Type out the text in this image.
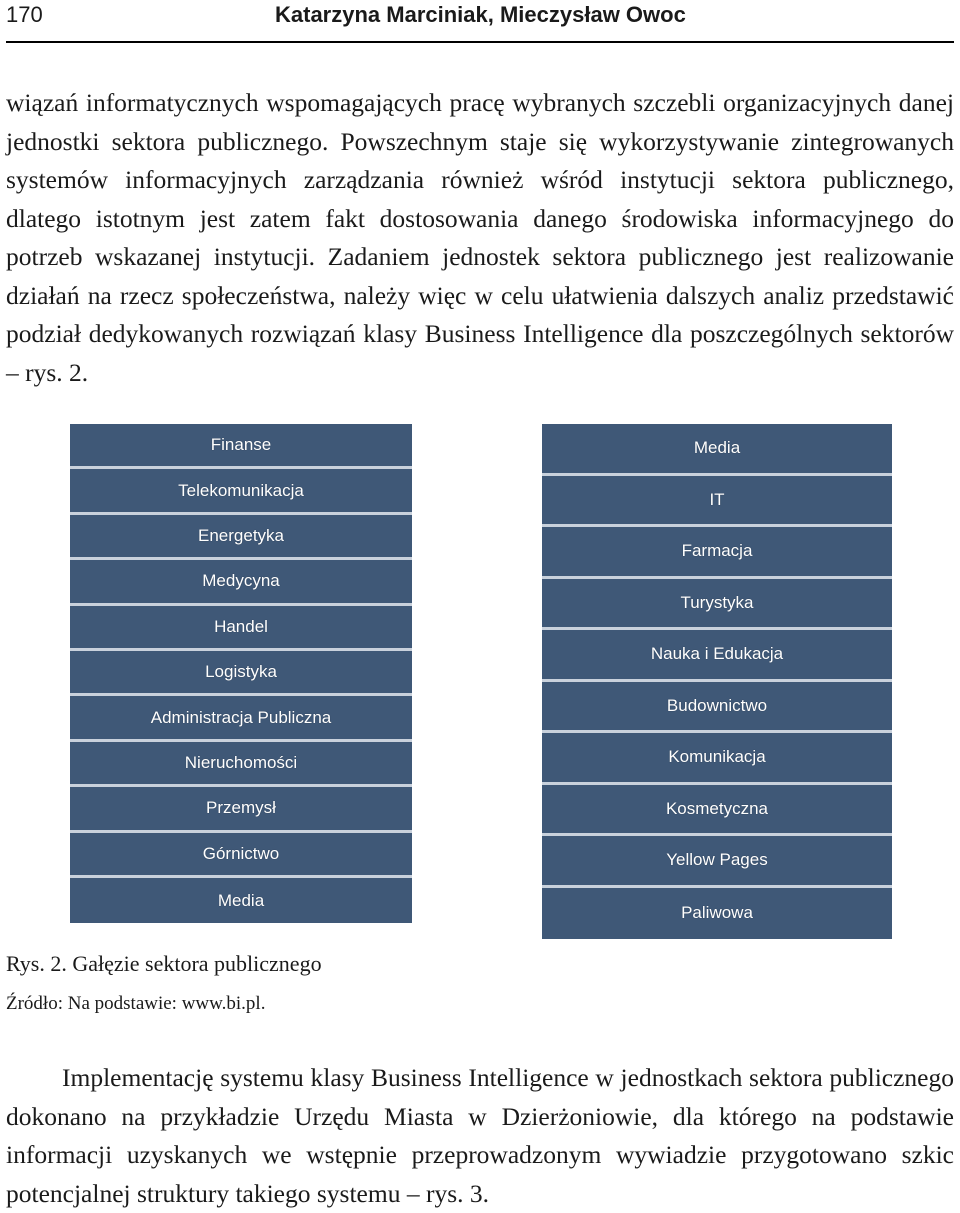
170	Katarzyna Marciniak, Mieczysław Owoc

wiązań informatycznych wspomagających pracę wybranych szczebli organizacyjnych danej jednostki sektora publicznego. Powszechnym staje się wykorzystywanie zintegrowanych systemów informacyjnych zarządzania również wśród instytucji sektora publicznego, dlatego istotnym jest zatem fakt dostosowania danego środowiska informacyjnego do potrzeb wskazanej instytucji. Zadaniem jednostek sektora publicznego jest realizowanie działań na rzecz społeczeństwa, należy więc w celu ułatwienia dalszych analiz przedstawić podział dedykowanych rozwiązań klasy Business Intelligence dla poszczególnych sektorów – rys. 2.

Finanse
Telekomunikacja
Energetyka
Medycyna
Handel
Logistyka
Administracja Publiczna
Nieruchomości
Przemysł
Górnictwo
Media
Media
IT
Farmacja
Turystyka
Nauka i Edukacja
Budownictwo
Komunikacja
Kosmetyczna
Yellow Pages
Paliwowa
Rys. 2. Gałęzie sektora publicznego
Źródło: Na podstawie: www.bi.pl.

Implementację systemu klasy Business Intelligence w jednostkach sektora publicznego dokonano na przykładzie Urzędu Miasta w Dzierżoniowie, dla którego na podstawie informacji uzyskanych we wstępnie przeprowadzonym wywiadzie przygotowano szkic potencjalnej struktury takiego systemu – rys. 3.
